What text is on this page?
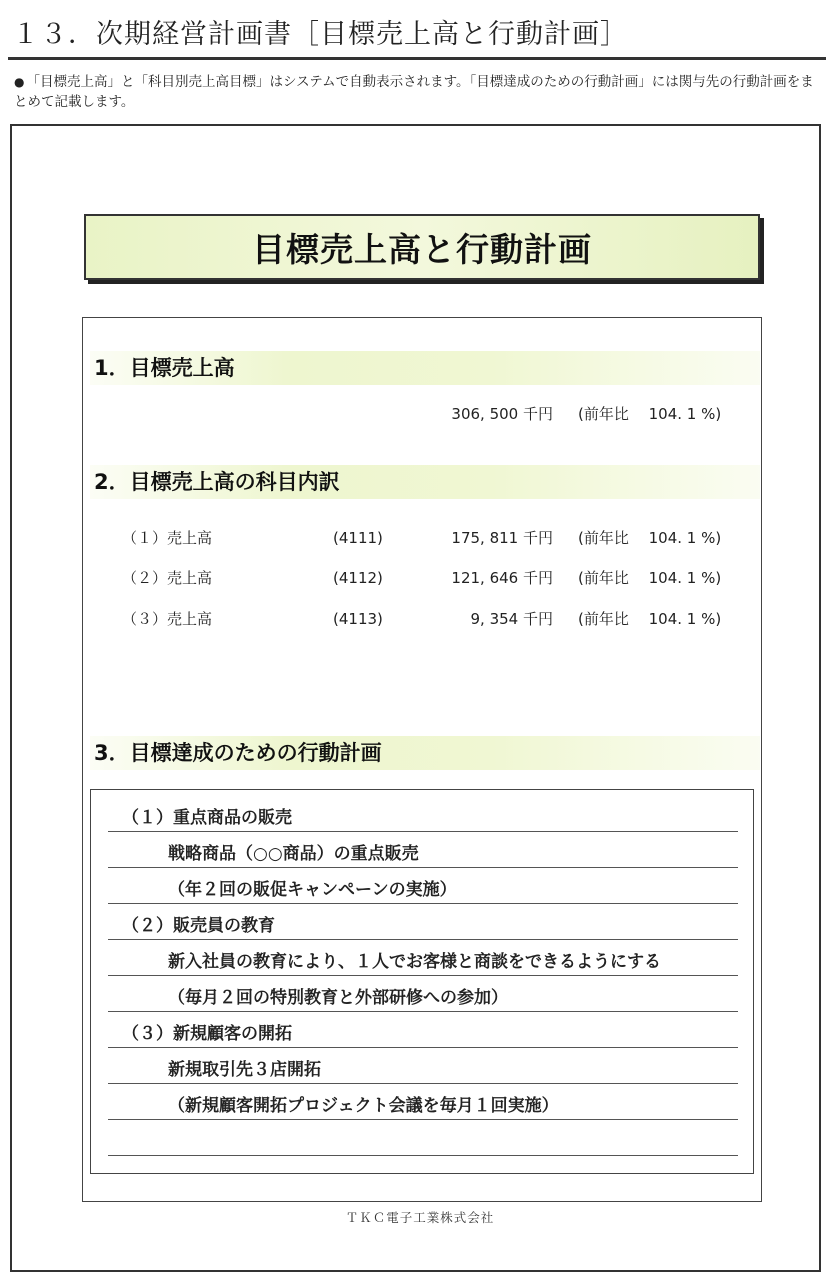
１３．次期経営計画書［目標売上高と行動計画］
● 「目標売上高」と「科目別売上高目標」はシステムで自動表示されます。「目標達成のための行動計画」には関与先の行動計画をまとめて記載します。
目標売上高と行動計画
1．目標売上高
306, 500 千円 (前年比　 104. 1 %)
2．目標売上高の科目内訳
（１）売上高	(4111)	175, 811 千円 (前年比　 104. 1 %)
（２）売上高	(4112)	121, 646 千円 (前年比　 104. 1 %)
（３）売上高	(4113)	9, 354 千円 (前年比　 104. 1 %)
3．目標達成のための行動計画
（１）重点商品の販売
戦略商品（○○商品）の重点販売
（年２回の販促キャンペーンの実施）
（２）販売員の教育
新入社員の教育により、１人でお客様と商談をできるようにする
（毎月２回の特別教育と外部研修への参加）
（３）新規顧客の開拓
新規取引先３店開拓
（新規顧客開拓プロジェクト会議を毎月１回実施）
ＴＫＣ電子工業株式会社
